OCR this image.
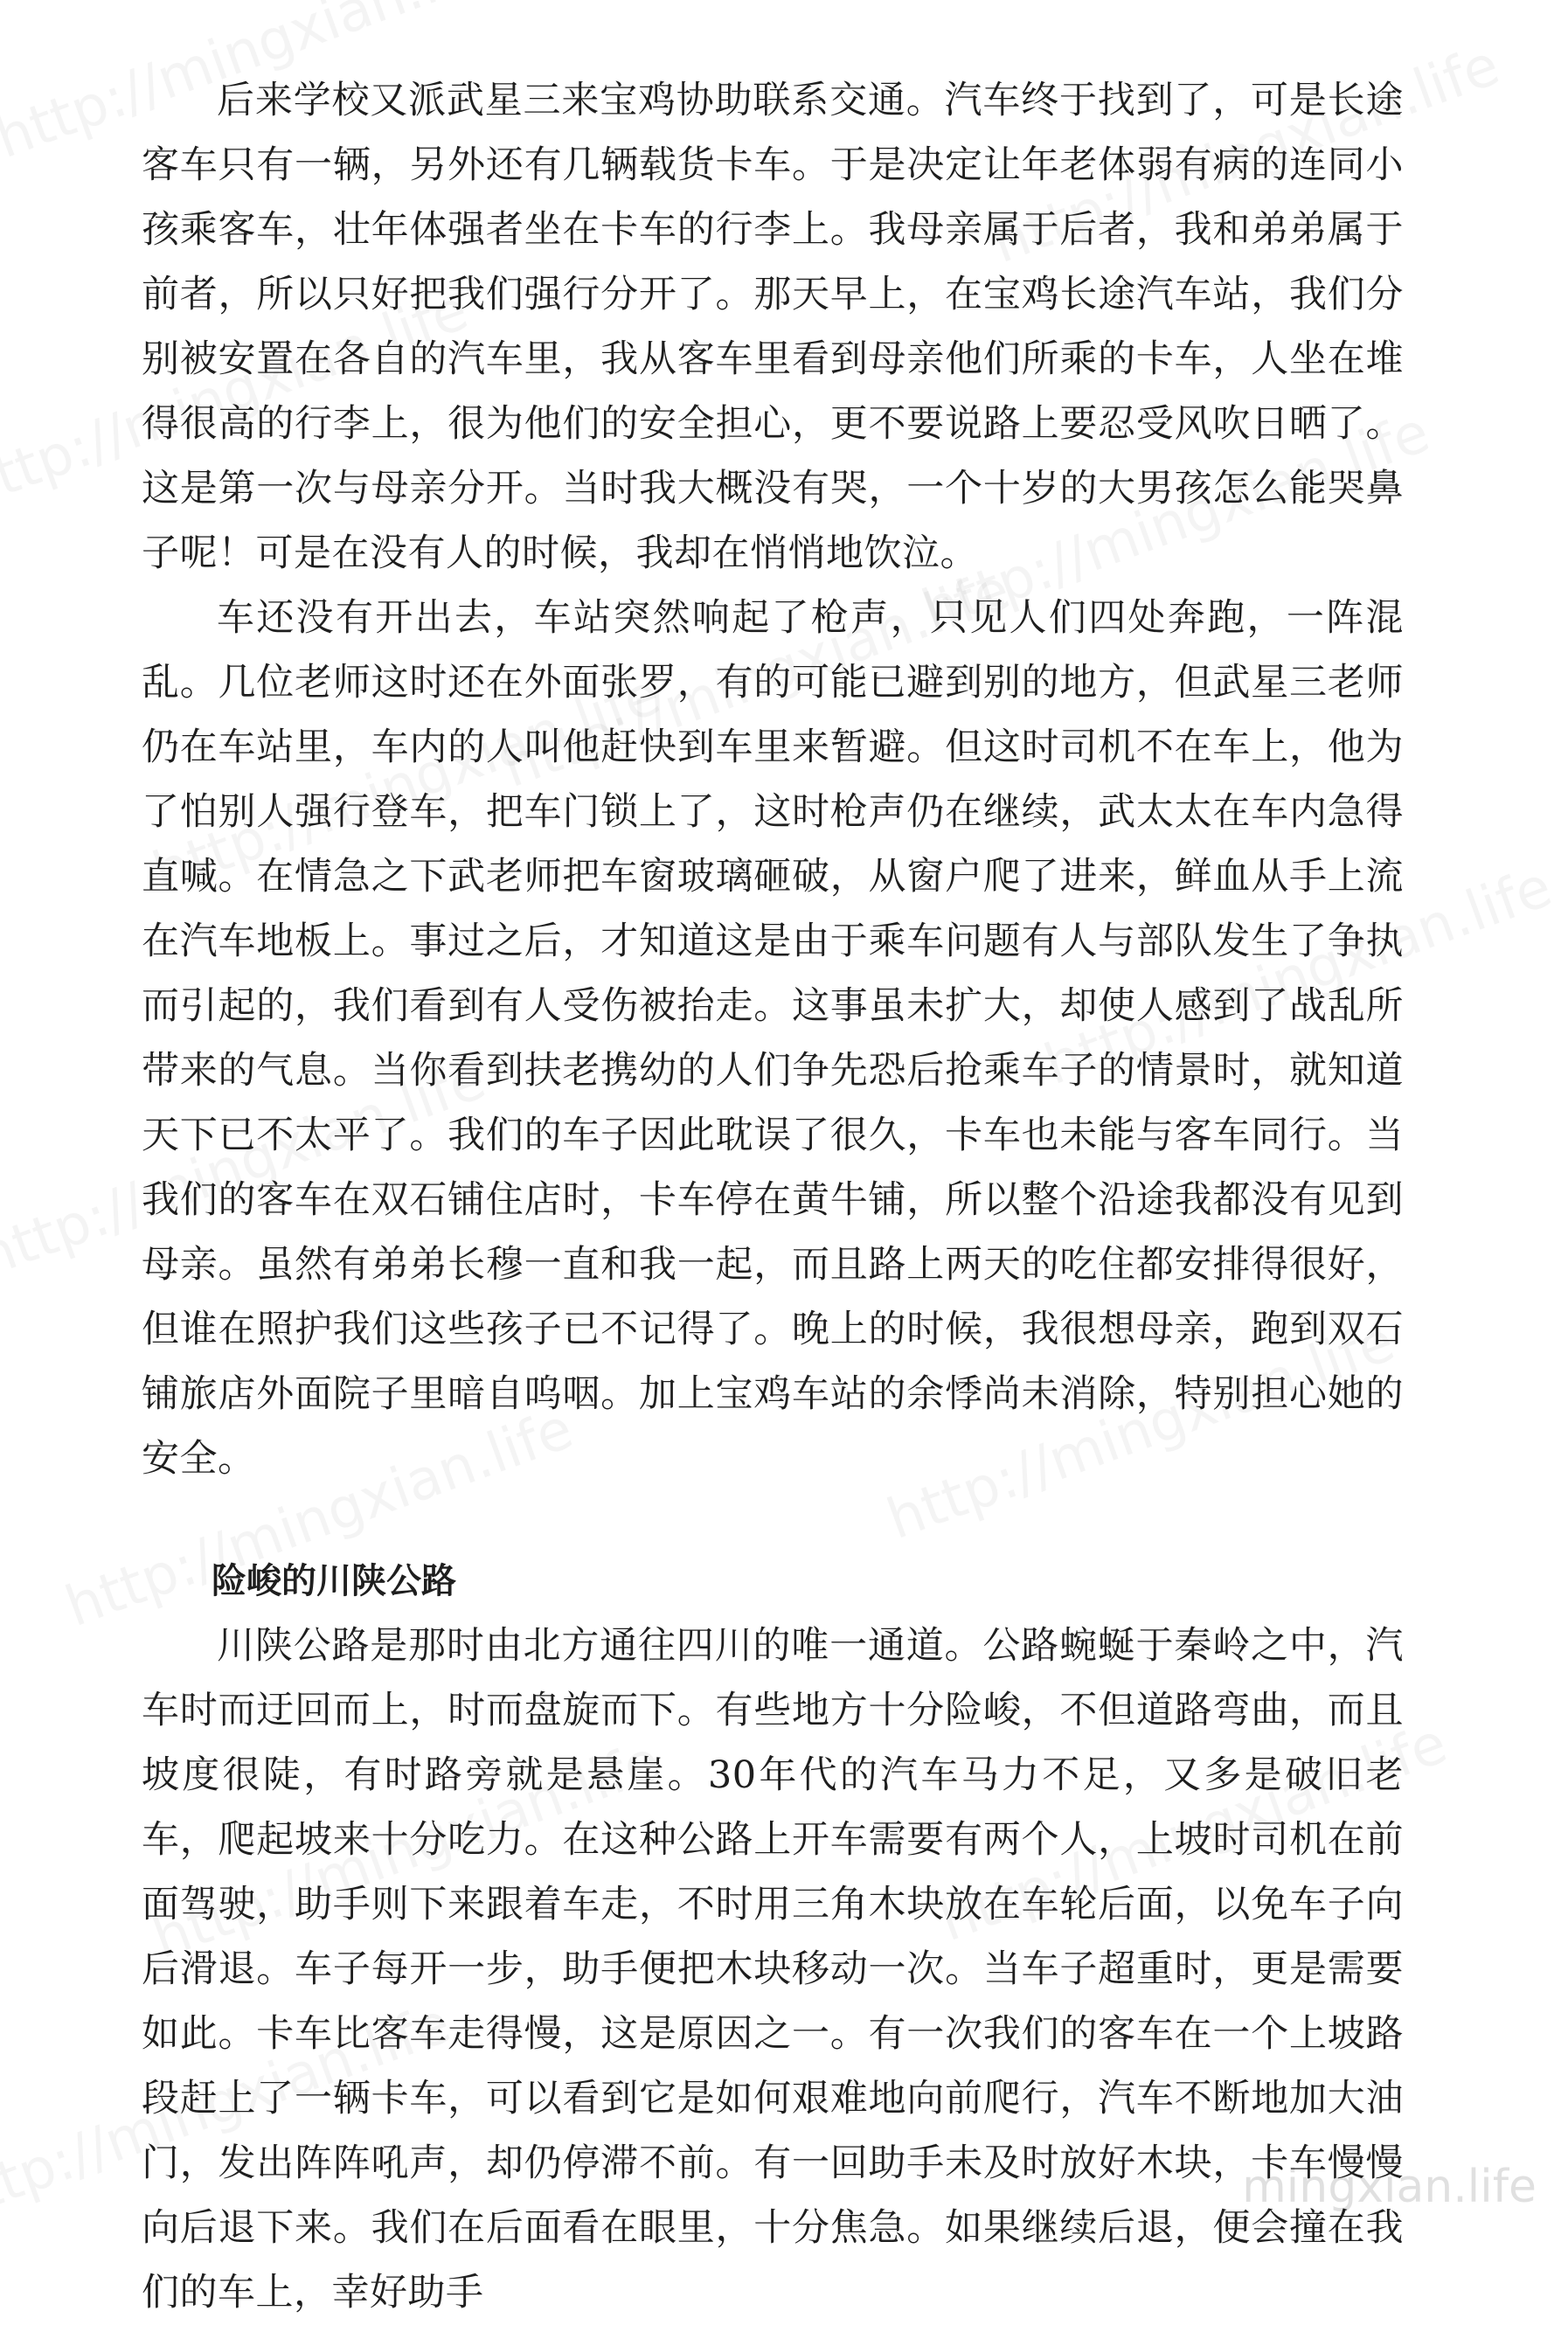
后来学校又派武星三来宝鸡协助联系交通。汽车终于找到了，可是长途客车只有一辆，另外还有几辆载货卡车。于是决定让年老体弱有病的连同小孩乘客车，壮年体强者坐在卡车的行李上。我母亲属于后者，我和弟弟属于前者，所以只好把我们强行分开了。那天早上，在宝鸡长途汽车站，我们分别被安置在各自的汽车里，我从客车里看到母亲他们所乘的卡车，人坐在堆得很高的行李上，很为他们的安全担心，更不要说路上要忍受风吹日晒了。这是第一次与母亲分开。当时我大概没有哭，一个十岁的大男孩怎么能哭鼻子呢！可是在没有人的时候，我却在悄悄地饮泣。

车还没有开出去，车站突然响起了枪声，只见人们四处奔跑，一阵混乱。几位老师这时还在外面张罗，有的可能已避到别的地方，但武星三老师仍在车站里，车内的人叫他赶快到车里来暂避。但这时司机不在车上，他为了怕别人强行登车，把车门锁上了，这时枪声仍在继续，武太太在车内急得直喊。在情急之下武老师把车窗玻璃砸破，从窗户爬了进来，鲜血从手上流在汽车地板上。事过之后，才知道这是由于乘车问题有人与部队发生了争执而引起的，我们看到有人受伤被抬走。这事虽未扩大，却使人感到了战乱所带来的气息。当你看到扶老携幼的人们争先恐后抢乘车子的情景时，就知道天下已不太平了。我们的车子因此耽误了很久，卡车也未能与客车同行。当我们的客车在双石铺住店时，卡车停在黄牛铺，所以整个沿途我都没有见到母亲。虽然有弟弟长穆一直和我一起，而且路上两天的吃住都安排得很好，但谁在照护我们这些孩子已不记得了。晚上的时候，我很想母亲，跑到双石铺旅店外面院子里暗自呜咽。加上宝鸡车站的余悸尚未消除，特别担心她的安全。

险峻的川陕公路

川陕公路是那时由北方通往四川的唯一通道。公路蜿蜒于秦岭之中，汽车时而迂回而上，时而盘旋而下。有些地方十分险峻，不但道路弯曲，而且坡度很陡，有时路旁就是悬崖。30年代的汽车马力不足，又多是破旧老车，爬起坡来十分吃力。在这种公路上开车需要有两个人，上坡时司机在前面驾驶，助手则下来跟着车走，不时用三角木块放在车轮后面，以免车子向后滑退。车子每开一步，助手便把木块移动一次。当车子超重时，更是需要如此。卡车比客车走得慢，这是原因之一。有一次我们的客车在一个上坡路段赶上了一辆卡车，可以看到它是如何艰难地向前爬行，汽车不断地加大油门，发出阵阵吼声，却仍停滞不前。有一回助手未及时放好木块，卡车慢慢向后退下来。我们在后面看在眼里，十分焦急。如果继续后退，便会撞在我们的车上，幸好助手

mingxian.life
